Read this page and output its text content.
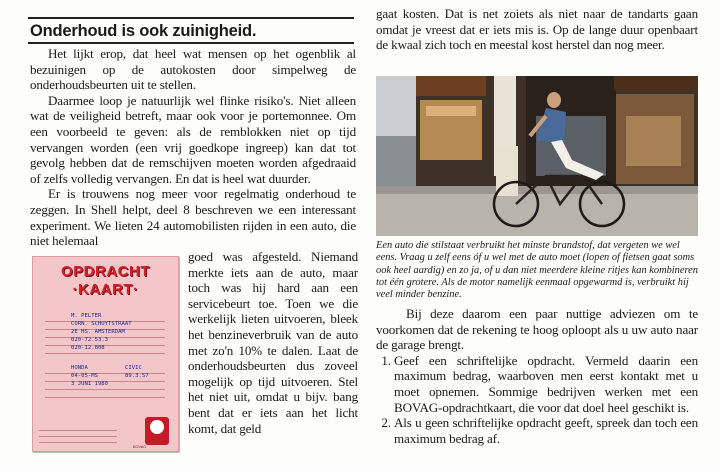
Onderhoud is ook zuinigheid.

Het lijkt erop, dat heel wat mensen op het ogenblik al bezuinigen op de autokosten door simpelweg de onderhoudsbeurten uit te stellen.

Daarmee loop je natuurlijk wel flinke risiko's. Niet alleen wat de veiligheid betreft, maar ook voor je portemonnee. Om een voorbeeld te geven: als de remblokken niet op tijd vervangen worden (een vrij goedkope ingreep) kan dat tot gevolg hebben dat de remschijven moeten worden afgedraaid of zelfs volledig vervangen. En dat is heel wat duurder.

Er is trouwens nog meer voor regelmatig onderhoud te zeggen. In Shell helpt, deel 8 beschreven we een interessant experiment. We lieten 24 automobilisten rijden in een auto, die niet helemaal

OPDRACHT
·KAART·
M. PELTER
CORN. SCHUYTSTRAAT
2E HS. AMSTERDAM
020-72.53.3
020-12.808
HONDA	CIVIC
04-05-MS	89.3.57
3 JUNI 1980
BOVAG

goed was afgesteld. Niemand merkte iets aan de auto, maar toch was hij hard aan een servicebeurt toe. Toen we die werkelijk lieten uitvoeren, bleek het benzineverbruik van de auto met zo'n 10% te dalen. Laat de onderhoudsbeurten dus zoveel mogelijk op tijd uitvoeren. Stel het niet uit, omdat u bijv. bang bent dat er iets aan het licht komt, dat geld

gaat kosten. Dat is net zoiets als niet naar de tandarts gaan omdat je vreest dat er iets mis is. Op de lange duur openbaart de kwaal zich toch en meestal kost herstel dan nog meer.

Een auto die stilstaat verbruikt het minste brandstof, dat vergeten we wel eens. Vraag u zelf eens óf u wel met de auto moet (lopen of fietsen gaat soms ook heel aardig) en zo ja, of u dan niet meerdere kleine ritjes kan kombineren tot één grotere. Als de motor namelijk eenmaal opgewarmd is, verbruikt hij veel minder benzine.

Bij deze daarom een paar nuttige adviezen om te voorkomen dat de rekening te hoog oploopt als u uw auto naar de garage brengt.

1. Geef een schriftelijke opdracht. Vermeld daarin een maximum bedrag, waarboven men eerst kontakt met u moet opnemen. Sommige bedrijven werken met een BOVAG-opdrachtkaart, die voor dat doel heel geschikt is.
2. Als u geen schriftelijke opdracht geeft, spreek dan toch een maximum bedrag af.
